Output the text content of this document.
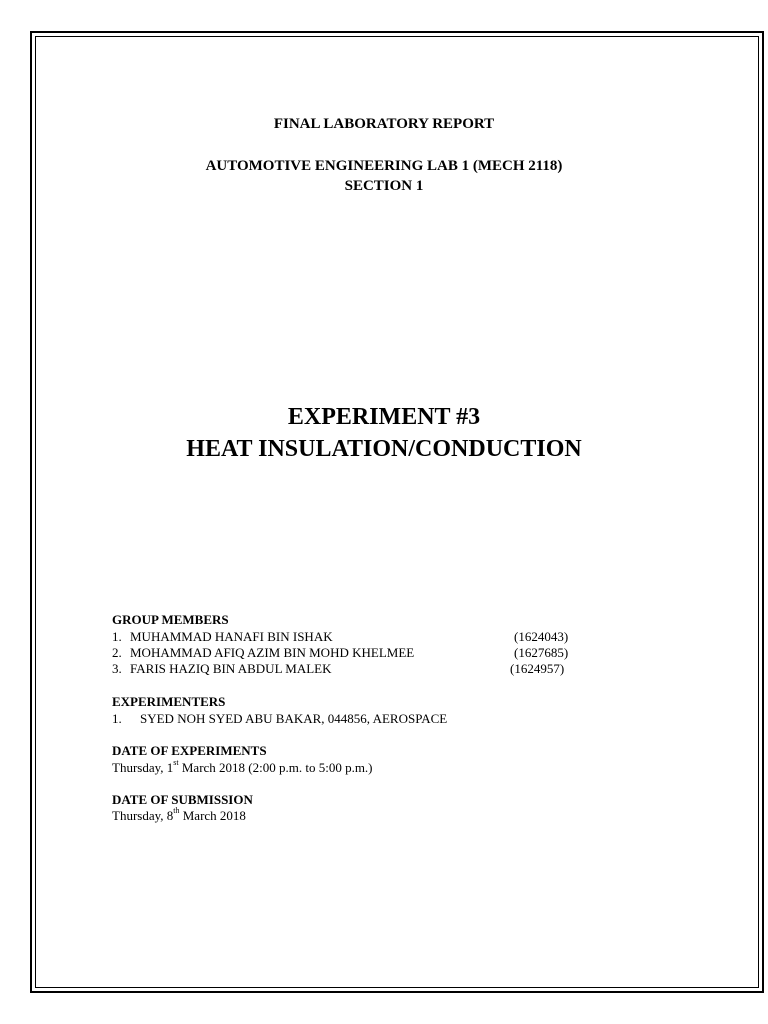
FINAL LABORATORY REPORT
AUTOMOTIVE ENGINEERING LAB 1 (MECH 2118)
SECTION 1
EXPERIMENT #3
HEAT INSULATION/CONDUCTION
GROUP MEMBERS
1. MUHAMMAD HANAFI BIN ISHAK	(1624043)
2. MOHAMMAD AFIQ AZIM BIN MOHD KHELMEE	(1627685)
3. FARIS HAZIQ BIN ABDUL MALEK	(1624957)
EXPERIMENTERS
1. SYED NOH SYED ABU BAKAR, 044856, AEROSPACE
DATE OF EXPERIMENTS
Thursday, 1st March 2018 (2:00 p.m. to 5:00 p.m.)
DATE OF SUBMISSION
Thursday, 8th March 2018
